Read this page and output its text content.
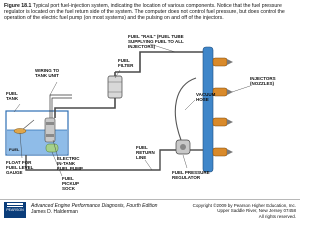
Figure 18.1 Typical port fuel-injection system, indicating the location of various components. Notice that the fuel pressure regulator is located on the fuel return side of the system. The computer does not control fuel pressure, but does control the operation of the electric fuel pump (on most systems) and the pulsing on and off of the injectors.
FUEL "RAIL" (FUEL TUBE
SUPPLYING FUEL TO ALL
INJECTORS)
WIRING TO
TANK UNIT
FUEL
FILTER
FUEL
TANK
INJECTORS
(NOZZLES)
VACUUM
HOSE
FUEL
FLOAT FOR
FUEL LEVEL
GAUGE
ELECTRIC
IN-TANK
FUEL PUMP
FUEL
PICKUP
SOCK
FUEL
RETURN
LINE
FUEL PRESSURE
REGULATOR
PEARSON
Advanced Engine Performance Diagnosis, Fourth Edition
James D. Halderman
Copyright ©2009 by Pearson Higher Education, Inc.
Upper Saddle River, New Jersey 07458
All rights reserved.
